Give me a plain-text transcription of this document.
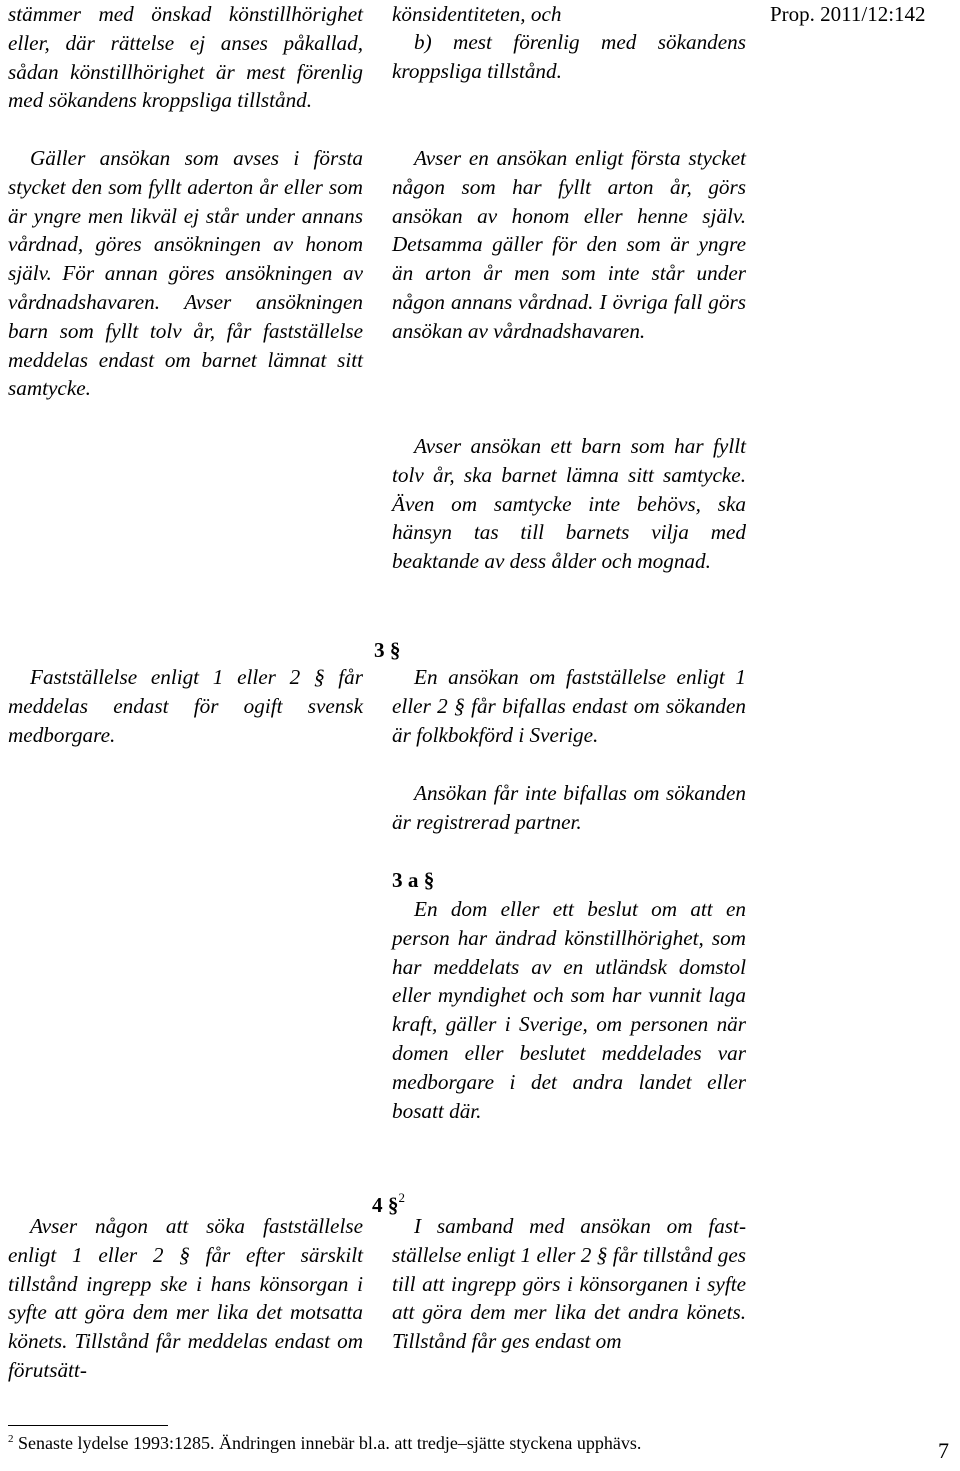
Prop. 2011/12:142
stämmer med önskad könstillhörighet eller, där rättelse ej anses påkallad, sådan könstillhörighet är mest förenlig med sökandens kroppsliga tillstånd.
Gäller ansökan som avses i första stycket den som fyllt aderton år eller som är yngre men likväl ej står under annans vårdnad, göres ansökningen av honom själv. För annan göres ansökningen av vårdnadshavaren. Avser ansökningen barn som fyllt tolv år, får fastställelse meddelas endast om barnet lämnat sitt samtycke.
Fastställelse enligt 1 eller 2 § får meddelas endast för ogift svensk medborgare.
Avser någon att söka fastställelse enligt 1 eller 2 § får efter särskilt tillstånd ingrepp ske i hans könsorgan i syfte att göra dem mer lika det motsatta könets. Tillstånd får meddelas endast om förutsätt-
3 §
3 a §
4 §$^2$
könsidentiteten, och
b) mest förenlig med sökandens kroppsliga tillstånd.
Avser en ansökan enligt första stycket någon som har fyllt arton år, görs ansökan av honom eller henne själv. Detsamma gäller för den som är yngre än arton år men som inte står under någon annans vårdnad. I övriga fall görs ansökan av vårdnadshavaren.
Avser ansökan ett barn som har fyllt tolv år, ska barnet lämna sitt samtycke. Även om samtycke inte behövs, ska hänsyn tas till barnets vilja med beaktande av dess ålder och mognad.
En ansökan om fastställelse enligt 1 eller 2 § får bifallas endast om sökanden är folkbokförd i Sverige.
Ansökan får inte bifallas om sökanden är registrerad partner.
En dom eller ett beslut om att en person har ändrad könstillhörighet, som har meddelats av en utländsk domstol eller myndighet och som har vunnit laga kraft, gäller i Sverige, om personen när domen eller beslutet meddelades var medborgare i det andra landet eller bosatt där.
I samband med ansökan om fastställelse enligt 1 eller 2 § får tillstånd ges till att ingrepp görs i könsorganen i syfte att göra dem mer lika det andra könets. Tillstånd får ges endast om
$^2$ Senaste lydelse 1993:1285. Ändringen innebär bl.a. att tredje–sjätte styckena upphävs.	7
